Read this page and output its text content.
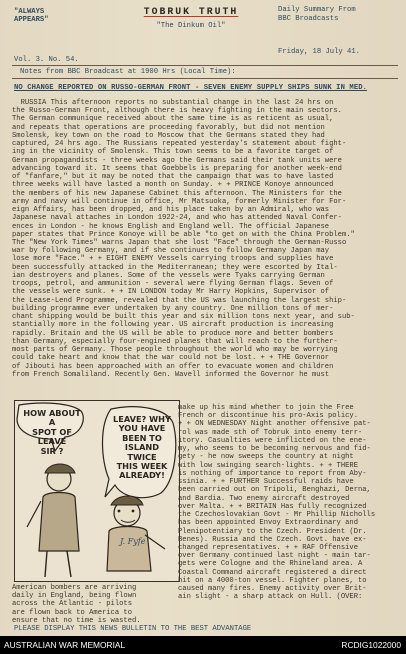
"ALWAYS
APPEARS"
TOBRUK TRUTH
"The Dinkum Oil"
Daily Summary From
BBC Broadcasts
Vol. 3. No. 54.
Friday, 18 July 41.
Notes from BBC Broadcast at 1900 Hrs (Local Time):
NO CHANGE REPORTED ON RUSSO-GERMAN FRONT - SEVEN ENEMY SUPPLY SHIPS SUNK IN MED.
RUSSIA This afternoon reports no substantial change in the last 24 hrs on
the Russo-German Front, although there is heavy fighting in the main sectors.
The German communique received about the same time is as reticent as usual,
and repeats that operations are proceeding favorably, but did not mention
Smolensk, key town on the road to Moscow that the Germans stated they had
captured, 24 hrs ago. The Russians repeated yesterday's statement about fight-
ing in the vicinity of Smolensk. This town seems to be a favorite target of
German propagandists - three weeks ago the Germans said their tank units were
advancing toward it. It seems that Goebbels is preparing for another week-end
of "fanfare," but it may be noted that the campaign that was to have lasted
three weeks will have lasted a month on Sunday. + + PRINCE Konoye announced
the members of his new Japanese Cabinet this afternoon. The Ministers for the
army and navy will continue in office, Mr Matsuoka, formerly Minister for For-
eign Affairs, has been dropped, and his place taken by an Admiral, who was
Japanese naval attaches in London 1922-24, and who has attended Naval Confer-
ences in London - he knows English and England well. The official Japanese
paper states that Prince Konoye will be able "to get on with the China Problem."
The "New York Times" warns Japan that she lost "Face" through the German-Russo
war by following Germany, and if she continues to follow Germany Japan may
lose more "Face." + + EIGHT ENEMY Vessels carrying troops and supplies have
been successfully attacked in the Mediterranean; they were escorted by Ital-
ian destroyers and planes. Some of the vessels were Tyaks carrying German
troops, petrol, and ammunition - several were flying German flags. Seven of
the vessels were sunk. + + IN LONDON today Mr Harry Hopkins, Supervisor of
the Lease-Lend Programme, revealed that the US was launching the largest ship-
building programme ever undertaken by any country. One million tons of mer-
chant shipping would be built this year and six million tons next year, and sub-
stantially more in the following year. US aircraft production is increasing
rapidly. Britain and the US will be able to produce more and better bombers
than Germany, especially four-engined planes that will reach to the further-
most parts of Germany. Those people throughout the world who may be worrying
could take heart and know that the war could not be lost. + + THE Governor
of Jibouti has been approached with an offer to evacuate women and children
from French Somaliland. Recently Gen. Wavell informed the Governor he must
HOW ABOUT A
SPOT OF LEAVE
SIR ?
LEAVE? WHY
YOU HAVE
BEEN TO
ISLAND
TWICE
THIS WEEK
ALREADY!
J. Fyfe
make up his mind whether to join the Free
French or discontinue his pro-Axis policy.
+ + ON WEDNESDAY Night another offensive pat-
rol was made sth of Tobruk into enemy terr-
itory. Casualties were inflicted on the ene-
my, who seems to be becoming nervous and fid-
gety - he now sweeps the country at night
with low swinging search-lights. + + THERE
is nothing of importance to report from Aby-
ssinia. + + FURTHER Successful raids have
been carried out on Tripoli, Benghazi, Derna,
and Bardia. Two enemy aircraft destroyed
over Malta. + + BRITAIN Has fully recognized
the Czechoslovakian Govt - Mr Phillip Nicholls
has been appointed Envoy Extraordinary and
Plenipotentiary to the Czech. President (Dr.
Benes). Russia and the Czech. Govt. have ex-
changed representatives. + + RAF Offensive
over Germany continued last night - main tar-
gets were Cologne and the Rhineland area. A
Coastal Command aircraft registered a direct
hit on a 4000-ton vessel. Fighter planes, to
caused many fires. Enemy activity over Brit-
ain slight - a sharp attack on Hull. (OVER:
American bombers are arriving
daily in England, being flown
across the Atlantic - pilots
are flown back to America to
ensure that no time is wasted.
PLEASE DISPLAY THIS NEWS BULLETIN TO THE BEST ADVANTAGE
AUSTRALIAN WAR MEMORIAL	RCDIG1022000
